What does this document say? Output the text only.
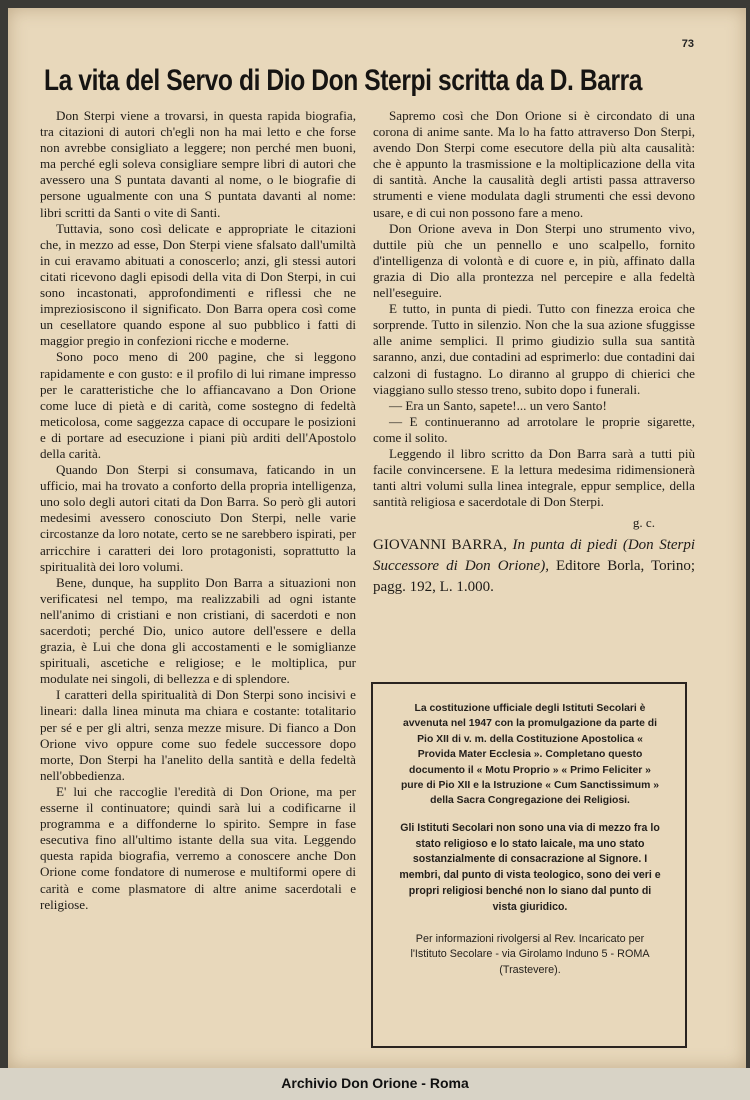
73
La vita del Servo di Dio Don Sterpi scritta da D. Barra

Don Sterpi viene a trovarsi, in questa rapida biografia, tra citazioni di autori ch'egli non ha mai letto e che forse non avrebbe consigliato a leggere; non perché men buoni, ma perché egli soleva consigliare sempre libri di autori che avessero una S puntata davanti al nome, o le biografie di persone ugualmente con una S puntata davanti al nome: libri scritti da Santi o vite di Santi.

Tuttavia, sono così delicate e appropriate le citazioni che, in mezzo ad esse, Don Sterpi viene sfalsato dall'umiltà in cui eravamo abituati a conoscerlo; anzi, gli stessi autori citati ricevono dagli episodi della vita di Don Sterpi, in cui sono incastonati, approfondimenti e riflessi che ne impreziosiscono il significato. Don Barra opera così come un cesellatore quando espone al suo pubblico i fatti di maggior pregio in confezioni ricche e moderne.

Sono poco meno di 200 pagine, che si leggono rapidamente e con gusto: e il profilo di lui rimane impresso per le caratteristiche che lo affiancavano a Don Orione come luce di pietà e di carità, come sostegno di fedeltà meticolosa, come saggezza capace di occupare le posizioni e di portare ad esecuzione i piani più arditi dell'Apostolo della carità.

Quando Don Sterpi si consumava, faticando in un ufficio, mai ha trovato a conforto della propria intelligenza, uno solo degli autori citati da Don Barra. So però gli autori medesimi avessero conosciuto Don Sterpi, nelle varie circostanze da loro notate, certo se ne sarebbero ispirati, per arricchire i caratteri dei loro protagonisti, soprattutto la spiritualità dei loro volumi.

Bene, dunque, ha supplito Don Barra a situazioni non verificatesi nel tempo, ma realizzabili ad ogni istante nell'animo di cristiani e non cristiani, di sacerdoti e non sacerdoti; perché Dio, unico autore dell'essere e della grazia, è Lui che dona gli accostamenti e le somiglianze spirituali, ascetiche e religiose; e le moltiplica, pur modulate nei singoli, di bellezza e di splendore.

I caratteri della spiritualità di Don Sterpi sono incisivi e lineari: dalla linea minuta ma chiara e costante: totalitario per sé e per gli altri, senza mezze misure. Di fianco a Don Orione vivo oppure come suo fedele successore dopo morte, Don Sterpi ha l'anelito della santità e della fedeltà nell'obbedienza.

E' lui che raccoglie l'eredità di Don Orione, ma per esserne il continuatore; quindi sarà lui a codificarne il programma e a diffonderne lo spirito. Sempre in fase esecutiva fino all'ultimo istante della sua vita. Leggendo questa rapida biografia, verremo a conoscere anche Don Orione come fondatore di numerose e multiformi opere di carità e come plasmatore di altre anime sacerdotali e religiose.

Sapremo così che Don Orione si è circondato di una corona di anime sante. Ma lo ha fatto attraverso Don Sterpi, avendo Don Sterpi come esecutore della più alta causalità: che è appunto la trasmissione e la moltiplicazione della vita di santità. Anche la causalità degli artisti passa attraverso strumenti e viene modulata dagli strumenti che essi devono usare, e di cui non possono fare a meno.

Don Orione aveva in Don Sterpi uno strumento vivo, duttile più che un pennello e uno scalpello, fornito d'intelligenza di volontà e di cuore e, in più, affinato dalla grazia di Dio alla prontezza nel percepire e alla fedeltà nell'eseguire.

E tutto, in punta di piedi. Tutto con finezza eroica che sorprende. Tutto in silenzio. Non che la sua azione sfuggisse alle anime semplici. Il primo giudizio sulla sua santità saranno, anzi, due contadini ad esprimerlo: due contadini dai calzoni di fustagno. Lo diranno al gruppo di chierici che viaggiano sullo stesso treno, subito dopo i funerali.

— Era un Santo, sapete!... un vero Santo!

— E continueranno ad arrotolare le proprie sigarette, come il solito.

Leggendo il libro scritto da Don Barra sarà a tutti più facile convincersene. E la lettura medesima ridimensionerà tanti altri volumi sulla linea integrale, eppur semplice, della santità religiosa e sacerdotale di Don Sterpi.

g. c.

GIOVANNI BARRA, In punta di piedi (Don Sterpi Successore di Don Orione), Editore Borla, Torino; pagg. 192, L. 1.000.

La costituzione ufficiale degli Istituti Secolari è avvenuta nel 1947 con la promulgazione da parte di Pio XII di v. m. della Costituzione Apostolica « Provida Mater Ecclesia ». Completano questo documento il « Motu Proprio » « Primo Feliciter » pure di Pio XII e la Istruzione « Cum Sanctissimum » della Sacra Congregazione dei Religiosi.

Gli Istituti Secolari non sono una via di mezzo fra lo stato religioso e lo stato laicale, ma uno stato sostanzialmente di consacrazione al Signore. I membri, dal punto di vista teologico, sono dei veri e propri religiosi benché non lo siano dal punto di vista giuridico.

Per informazioni rivolgersi al Rev. Incaricato per l'Istituto Secolare - via Girolamo Induno 5 - ROMA (Trastevere).

Archivio Don Orione - Roma
